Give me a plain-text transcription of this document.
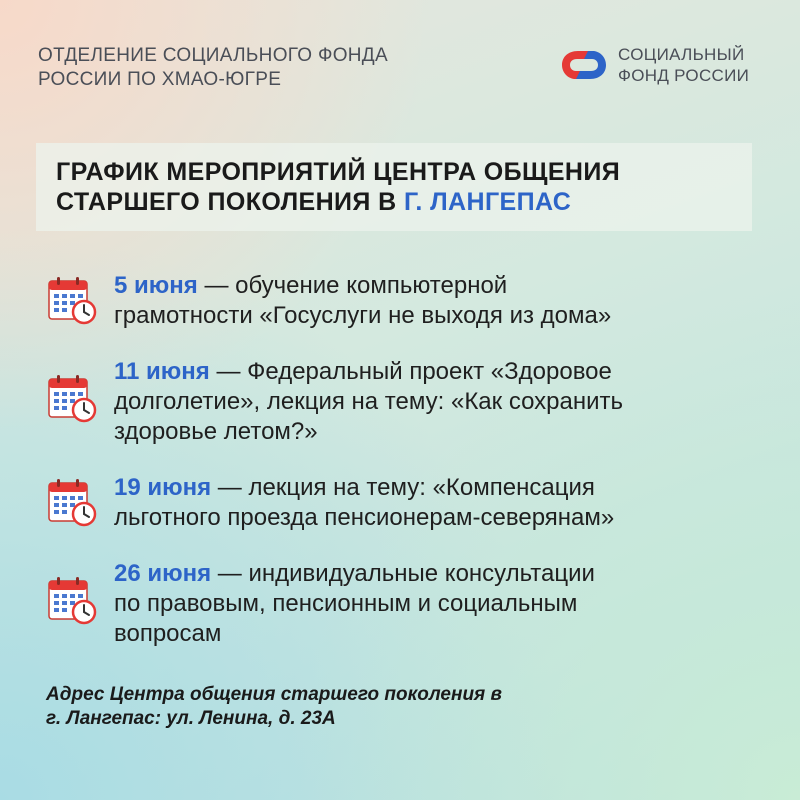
ОТДЕЛЕНИЕ СОЦИАЛЬНОГО ФОНДА
РОССИИ ПО ХМАО-ЮГРЕ
СОЦИАЛЬНЫЙ
ФОНД РОССИИ
ГРАФИК МЕРОПРИЯТИЙ ЦЕНТРА ОБЩЕНИЯ
СТАРШЕГО ПОКОЛЕНИЯ В Г. ЛАНГЕПАС
5 июня — обучение компьютерной
грамотности «Госуслуги не выходя из дома»
11 июня — Федеральный проект «Здоровое
долголетие», лекция на тему: «Как сохранить
здоровье летом?»
19 июня — лекция на тему: «Компенсация
льготного проезда пенсионерам-северянам»
26 июня — индивидуальные консультации
по правовым, пенсионным и социальным
вопросам
Адрес Центра общения старшего поколения в
г. Лангепас: ул. Ленина, д. 23А
